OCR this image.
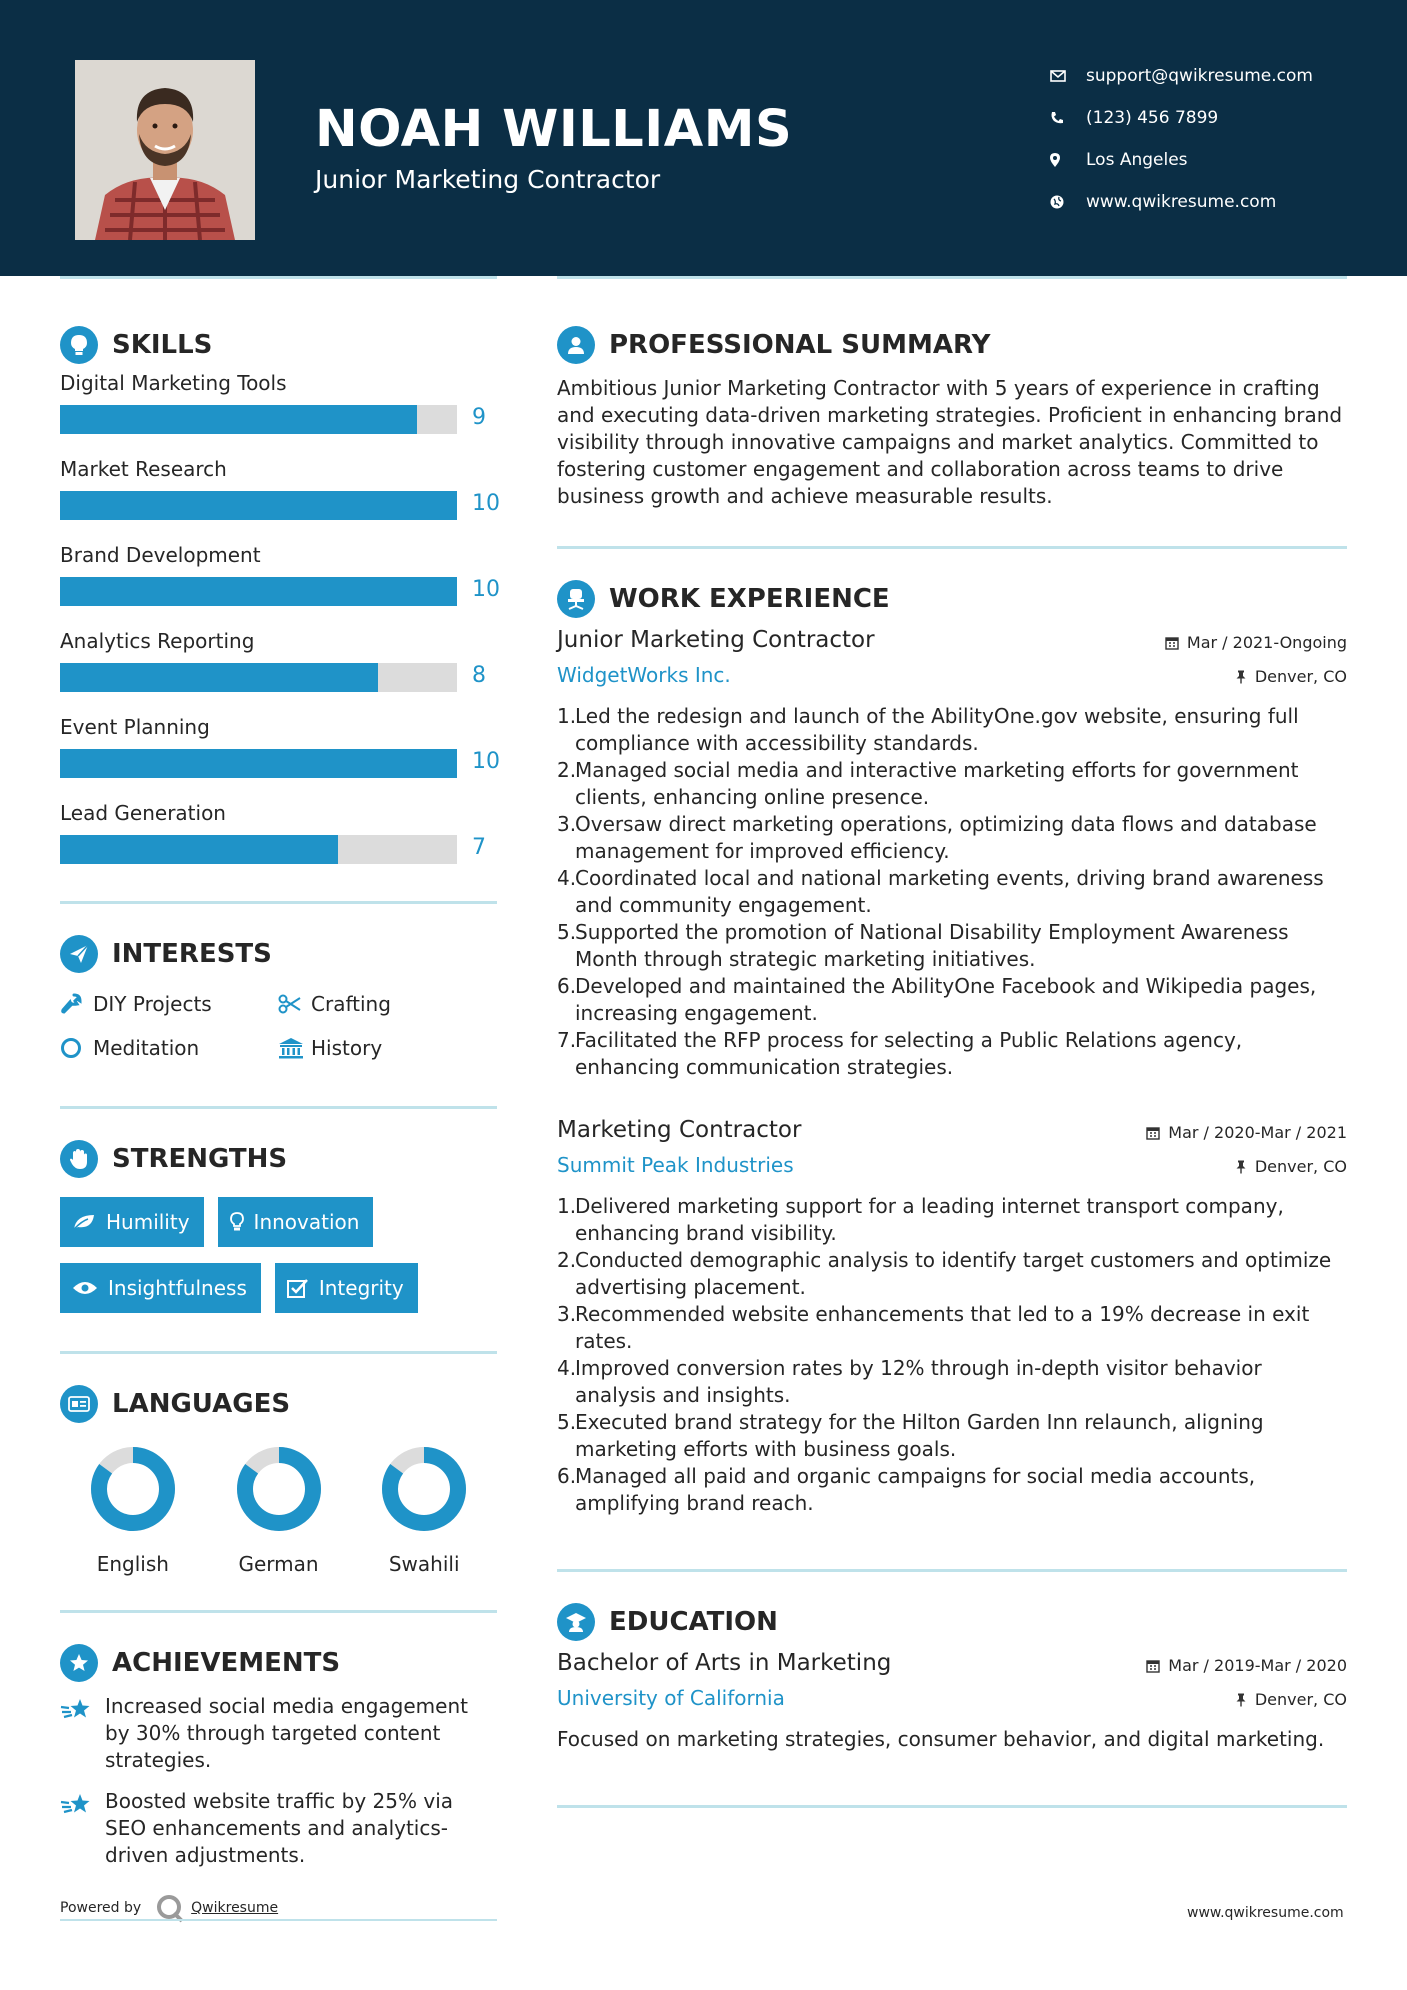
NOAH WILLIAMS
Junior Marketing Contractor
support@qwikresume.com
(123) 456 7899
Los Angeles
www.qwikresume.com
SKILLS
Digital Marketing Tools
9
Market Research
10
Brand Development
10
Analytics Reporting
8
Event Planning
10
Lead Generation
7
INTERESTS
DIY Projects	Crafting
Meditation	History
STRENGTHS
Humility	Innovation
Insightfulness	Integrity
LANGUAGES
English	German	Swahili
ACHIEVEMENTS
Increased social media engagement by 30% through targeted content strategies.
Boosted website traffic by 25% via SEO enhancements and analytics-driven adjustments.
Powered by	Qwikresume
PROFESSIONAL SUMMARY

Ambitious Junior Marketing Contractor with 5 years of experience in crafting and executing data-driven marketing strategies. Proficient in enhancing brand visibility through innovative campaigns and market analytics. Committed to fostering customer engagement and collaboration across teams to drive business growth and achieve measurable results.

WORK EXPERIENCE
Junior Marketing Contractor	Mar / 2021-Ongoing
WidgetWorks Inc.	Denver, CO
1.
Led the redesign and launch of the AbilityOne.gov website, ensuring full compliance with accessibility standards.
2.
Managed social media and interactive marketing efforts for government clients, enhancing online presence.
3.
Oversaw direct marketing operations, optimizing data flows and database management for improved efficiency.
4.
Coordinated local and national marketing events, driving brand awareness and community engagement.
5.
Supported the promotion of National Disability Employment Awareness Month through strategic marketing initiatives.
6.
Developed and maintained the AbilityOne Facebook and Wikipedia pages, increasing engagement.
7.
Facilitated the RFP process for selecting a Public Relations agency, enhancing communication strategies.
Marketing Contractor	Mar / 2020-Mar / 2021
Summit Peak Industries	Denver, CO
1.
Delivered marketing support for a leading internet transport company, enhancing brand visibility.
2.
Conducted demographic analysis to identify target customers and optimize advertising placement.
3.
Recommended website enhancements that led to a 19% decrease in exit rates.
4.
Improved conversion rates by 12% through in-depth visitor behavior analysis and insights.
5.
Executed brand strategy for the Hilton Garden Inn relaunch, aligning marketing efforts with business goals.
6.
Managed all paid and organic campaigns for social media accounts, amplifying brand reach.
EDUCATION
Bachelor of Arts in Marketing	Mar / 2019-Mar / 2020
University of California	Denver, CO

Focused on marketing strategies, consumer behavior, and digital marketing.

www.qwikresume.com
